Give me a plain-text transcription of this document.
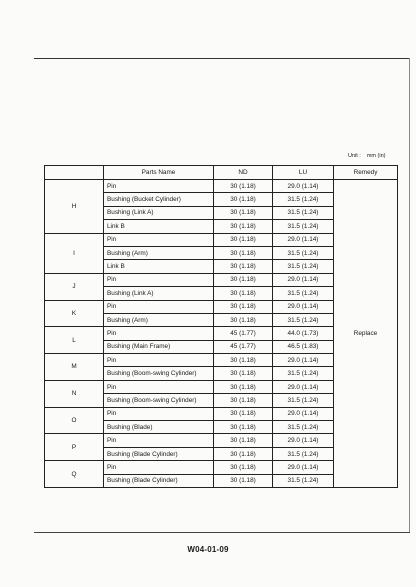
Unit : mm (in)
	Parts Name	ND	LU	Remedy
H	Pin	30 (1.18)	29.0 (1.14)	Replace
	Bushing (Bucket Cylinder)	30 (1.18)	31.5 (1.24)	
	Bushing (Link A)	30 (1.18)	31.5 (1.24)	
	Link B	30 (1.18)	31.5 (1.24)	
I	Pin	30 (1.18)	29.0 (1.14)	
	Bushing (Arm)	30 (1.18)	31.5 (1.24)	
	Link B	30 (1.18)	31.5 (1.24)	
J	Pin	30 (1.18)	29.0 (1.14)	
	Bushing (Link A)	30 (1.18)	31.5 (1.24)	
K	Pin	30 (1.18)	29.0 (1.14)	
	Bushing (Arm)	30 (1.18)	31.5 (1.24)	
L	Pin	45 (1.77)	44.0 (1.73)	
	Bushing (Main Frame)	45 (1.77)	46.5 (1.83)	
M	Pin	30 (1.18)	29.0 (1.14)	
	Bushing (Boom-swing Cylinder)	30 (1.18)	31.5 (1.24)	
N	Pin	30 (1.18)	29.0 (1.14)	
	Bushing (Boom-swing Cylinder)	30 (1.18)	31.5 (1.24)	
O	Pin	30 (1.18)	29.0 (1.14)	
	Bushing (Blade)	30 (1.18)	31.5 (1.24)	
P	Pin	30 (1.18)	29.0 (1.14)	
	Bushing (Blade Cylinder)	30 (1.18)	31.5 (1.24)	
Q	Pin	30 (1.18)	29.0 (1.14)	
	Bushing (Blade Cylinder)	30 (1.18)	31.5 (1.24)	
W04-01-09
